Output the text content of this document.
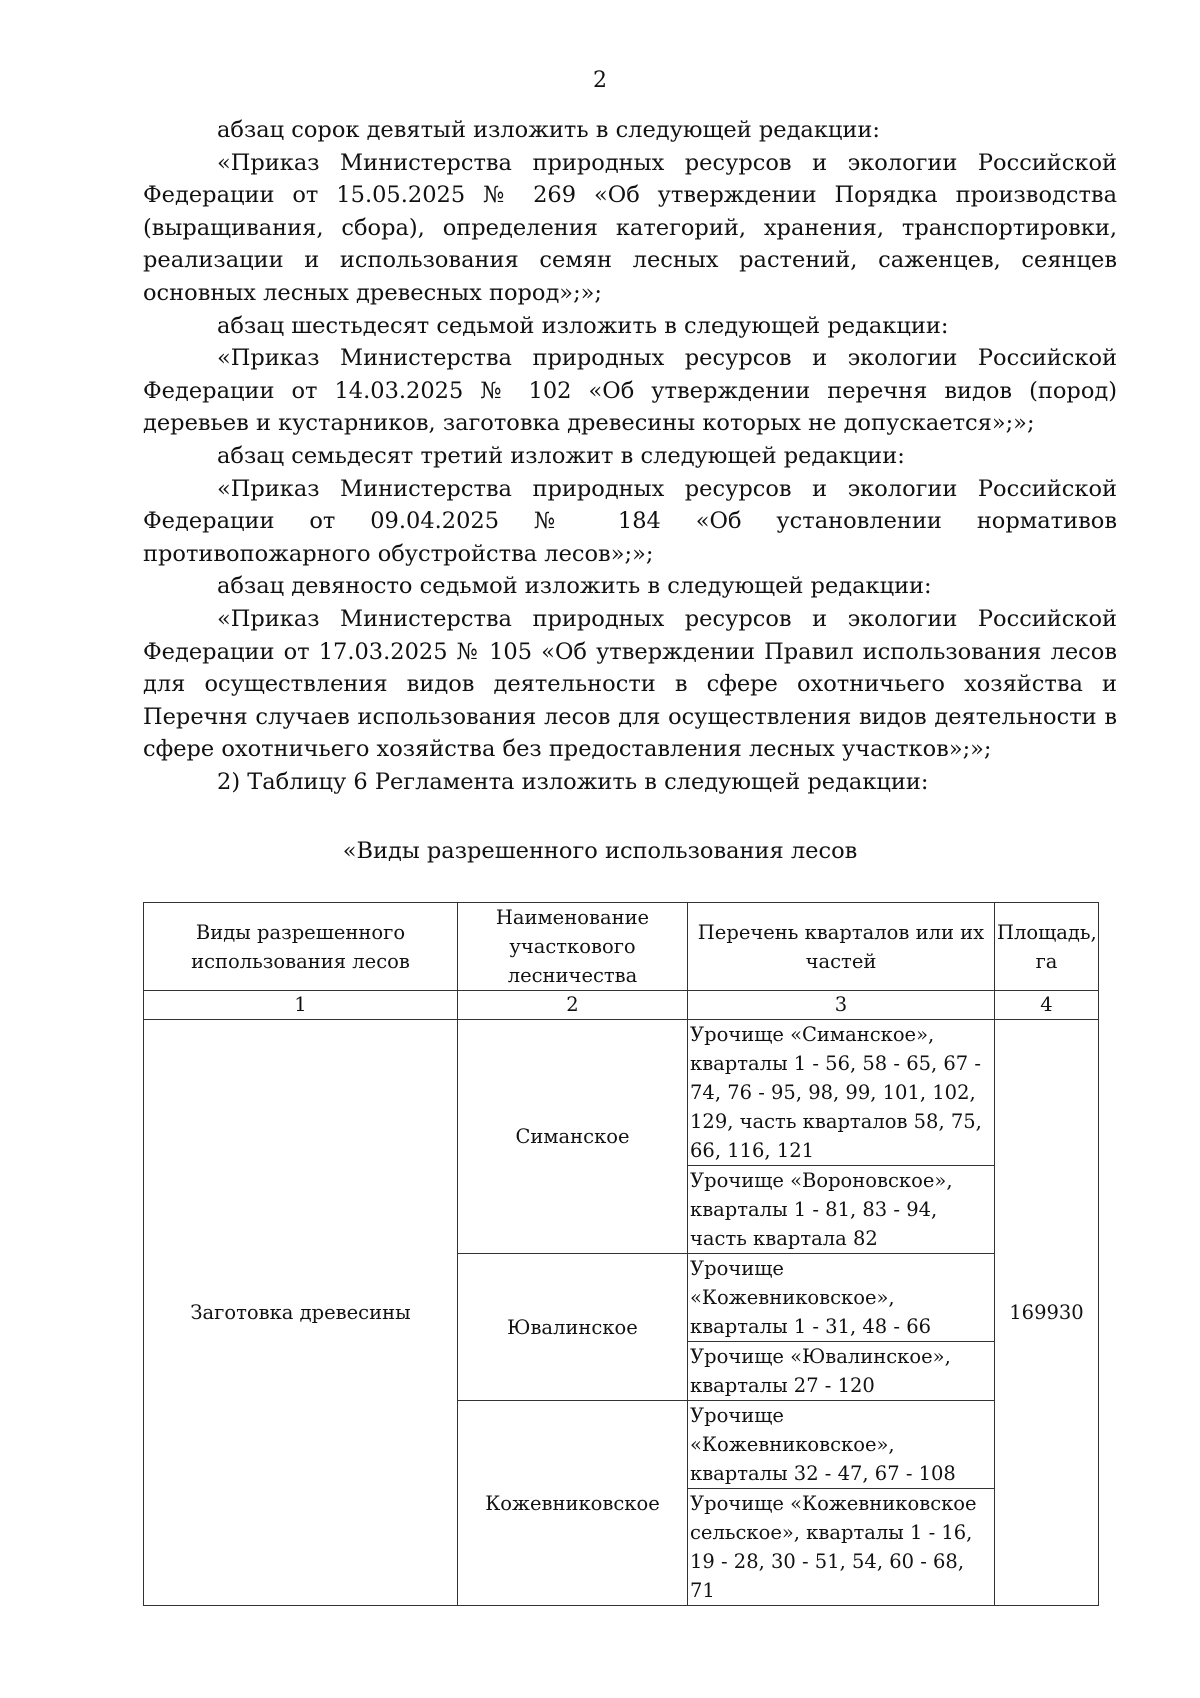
2

абзац сорок девятый изложить в следующей редакции:

«Приказ Министерства природных ресурсов и экологии Российской Федерации от 15.05.2025 № 269 «Об утверждении Порядка производства (выращивания, сбора), определения категорий, хранения, транспортировки, реализации и использования семян лесных растений, саженцев, сеянцев основных лесных древесных пород»;»;

абзац шестьдесят седьмой изложить в следующей редакции:

«Приказ Министерства природных ресурсов и экологии Российской Федерации от 14.03.2025 № 102 «Об утверждении перечня видов (пород) деревьев и кустарников, заготовка древесины которых не допускается»;»;

абзац семьдесят третий изложит в следующей редакции:

«Приказ Министерства природных ресурсов и экологии Российской Федерации от 09.04.2025 № 184 «Об установлении нормативов противопожарного обустройства лесов»;»;

абзац девяносто седьмой изложить в следующей редакции:

«Приказ Министерства природных ресурсов и экологии Российской Федерации от 17.03.2025 № 105 «Об утверждении Правил использования лесов для осуществления видов деятельности в сфере охотничьего хозяйства и Перечня случаев использования лесов для осуществления видов деятельности в сфере охотничьего хозяйства без предоставления лесных участков»;»;

2) Таблицу 6 Регламента изложить в следующей редакции:

«Виды разрешенного использования лесов
Виды разрешенного использования лесов	Наименование участкового лесничества	Перечень кварталов или их частей	Площадь, га
1	2	3	4
Заготовка древесины	Симанское	Урочище «Симанское», кварталы 1 - 56, 58 - 65, 67 - 74, 76 - 95, 98, 99, 101, 102, 129, часть кварталов 58, 75, 66, 116, 121	169930
		Урочище «Вороновское», кварталы 1 - 81, 83 - 94, часть квартала 82	
	Ювалинское	Урочище «Кожевниковское», кварталы 1 - 31, 48 - 66	
		Урочище «Ювалинское», кварталы 27 - 120	
	Кожевниковское	Урочище «Кожевниковское», кварталы 32 - 47, 67 - 108	
		Урочище «Кожевниковское сельское», кварталы 1 - 16, 19 - 28, 30 - 51, 54, 60 - 68, 71	
